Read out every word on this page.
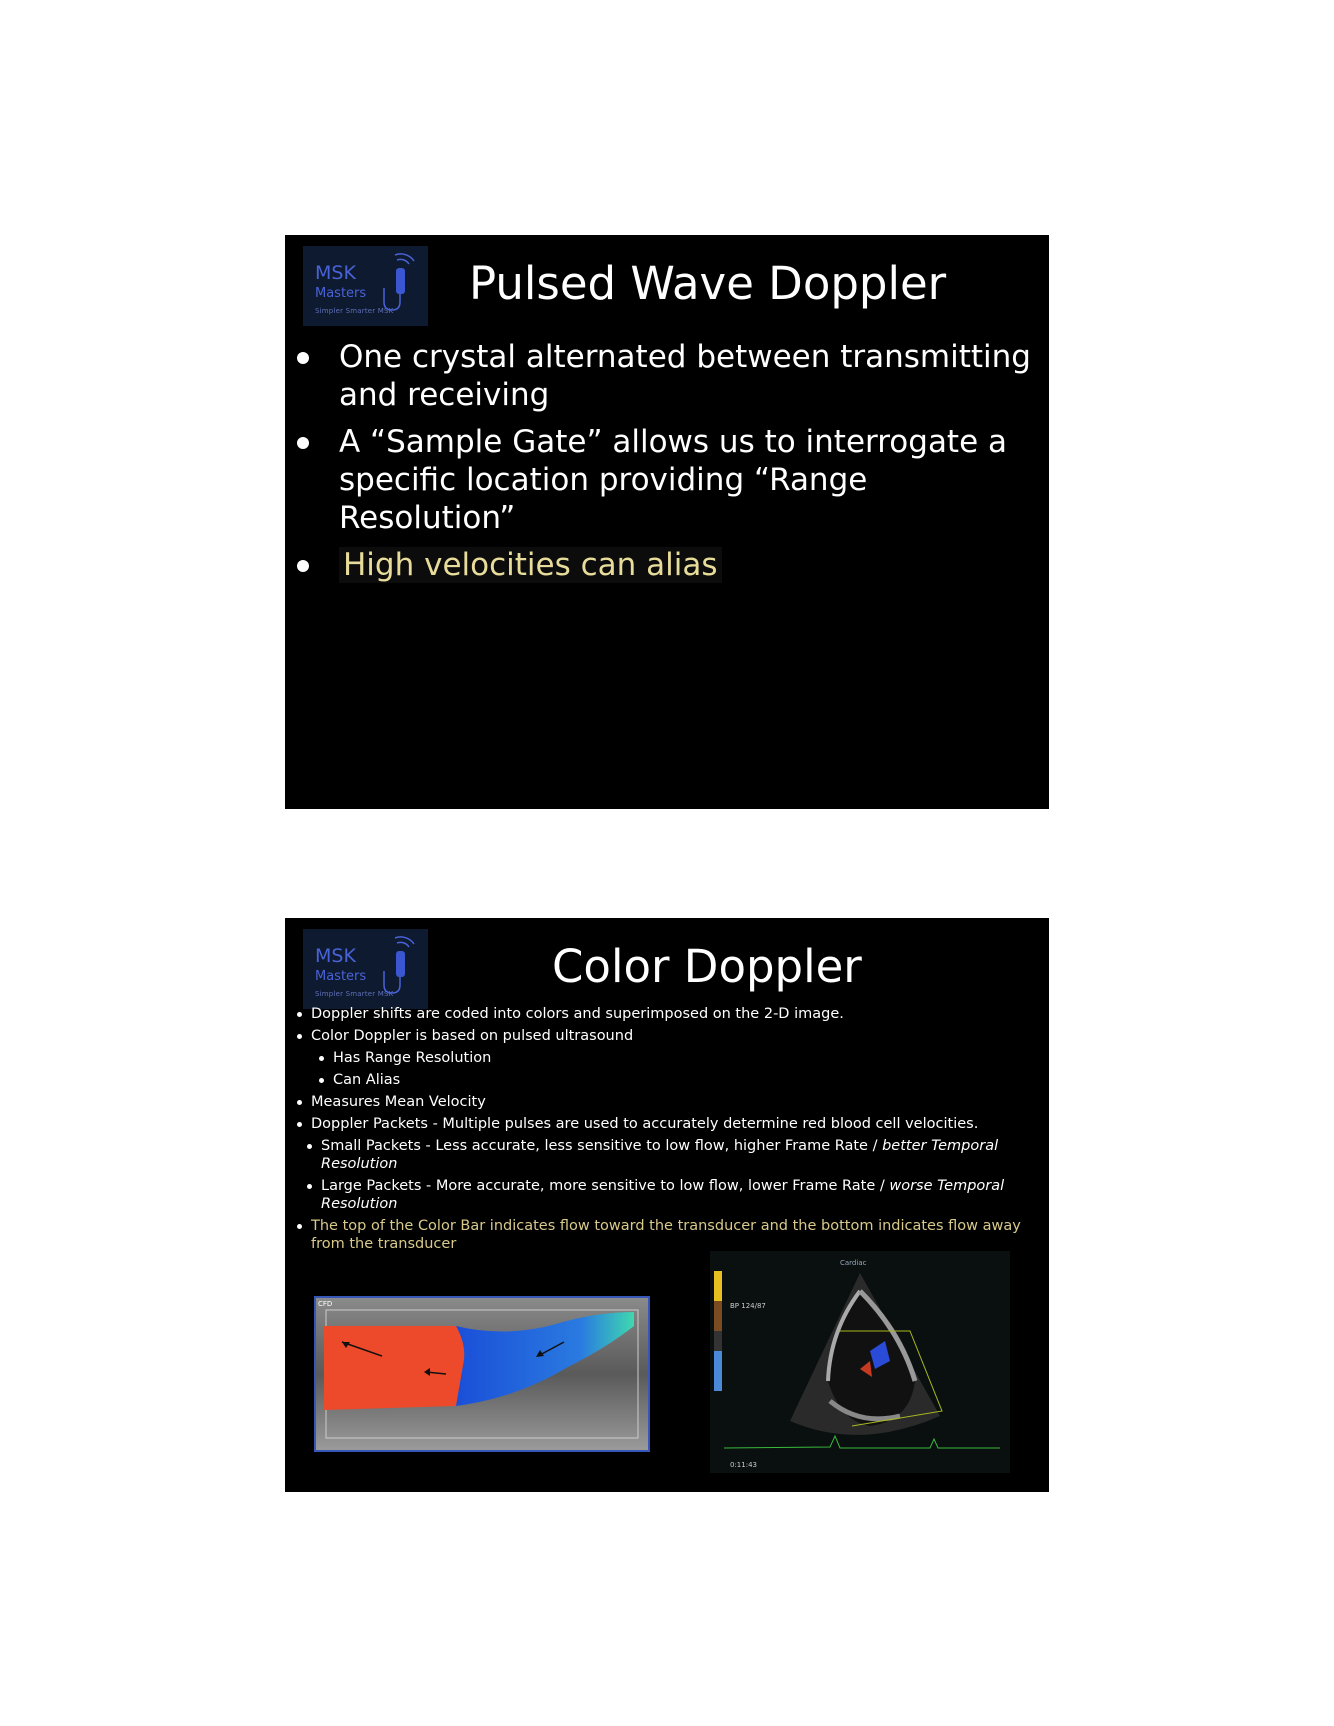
MSK
Masters
Simpler Smarter MSK
Pulsed Wave Doppler
One crystal alternated between transmitting and receiving
A “Sample Gate” allows us to interrogate a specific location providing “Range Resolution”
High velocities can alias
MSK
Masters
Simpler Smarter MSK
Color Doppler
Doppler shifts are coded into colors and superimposed on the 2-D image.
Color Doppler is based on pulsed ultrasound
Has Range Resolution
Can Alias
Measures Mean Velocity
Doppler Packets - Multiple pulses are used to accurately determine red blood cell velocities.
Small Packets - Less accurate, less sensitive to low flow, higher Frame Rate / better Temporal Resolution
Large Packets - More accurate, more sensitive to low flow, lower Frame Rate / worse Temporal Resolution
The top of the Color Bar indicates flow toward the transducer and the bottom indicates flow away from the transducer
CFD
Cardiac
BP 124/87
0:11:43
